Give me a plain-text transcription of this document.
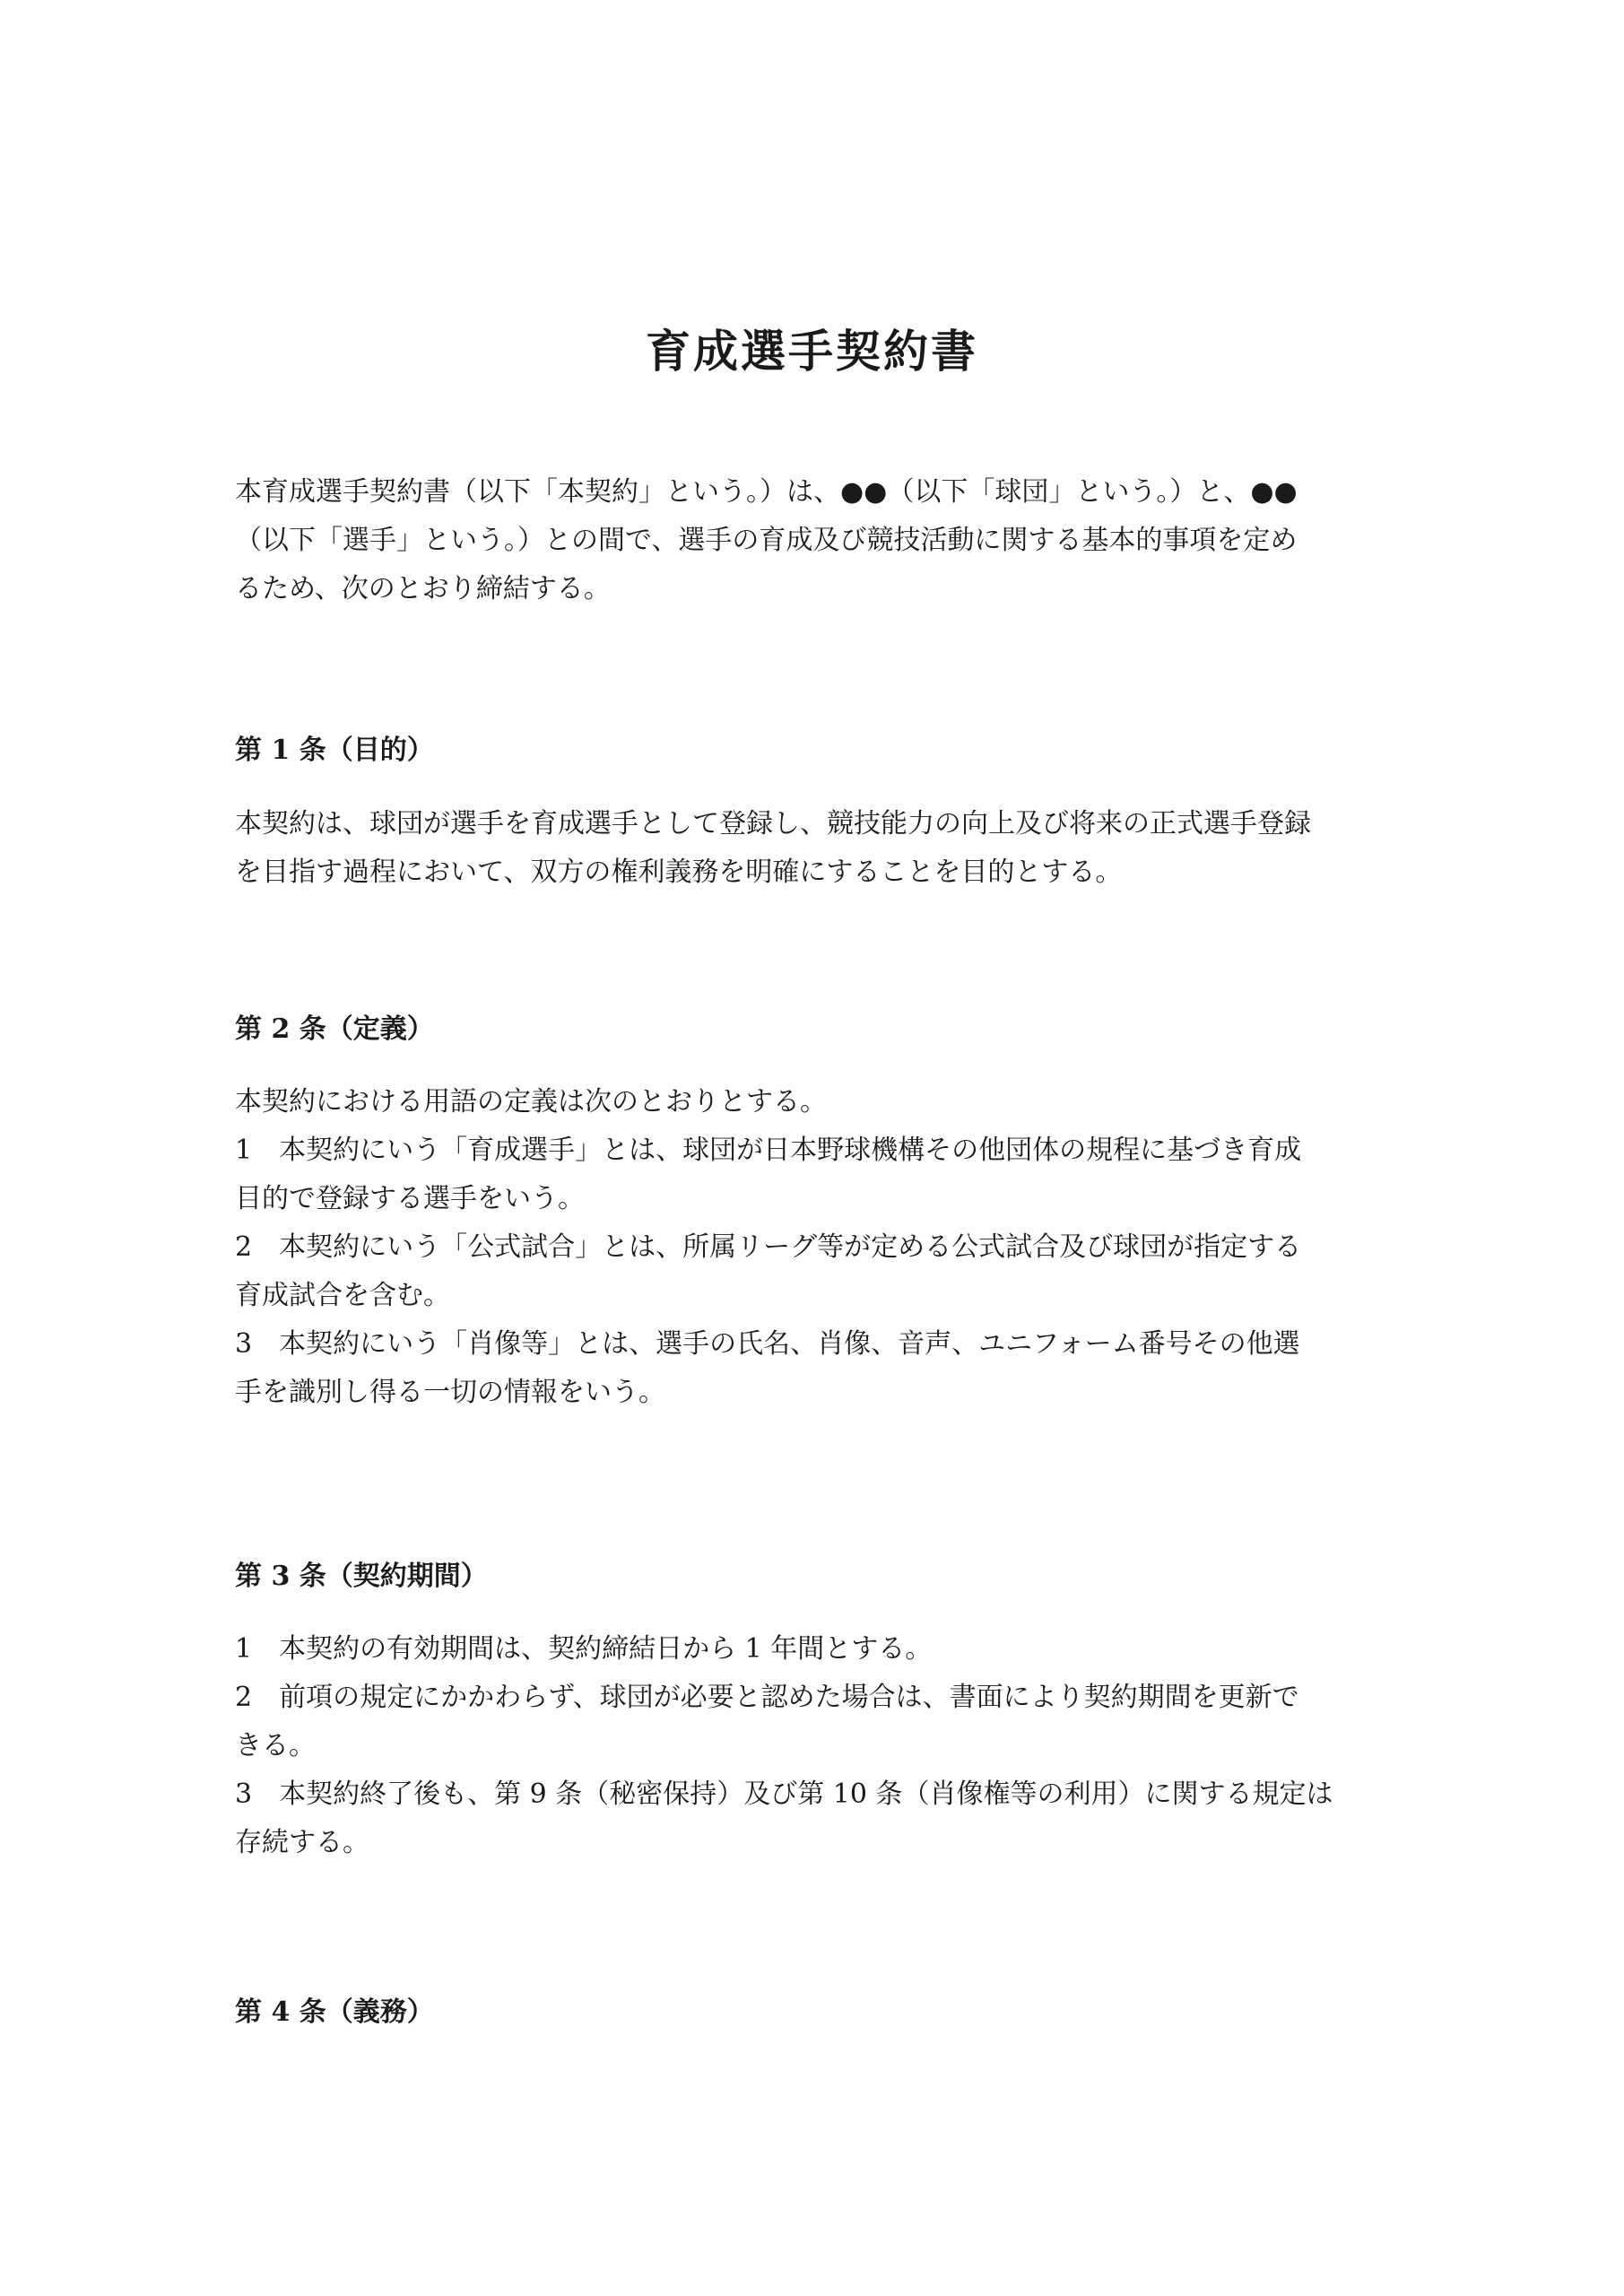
育成選手契約書

本育成選手契約書（以下「本契約」という。）は、●●（以下「球団」という。）と、●●

（以下「選手」という。）との間で、選手の育成及び競技活動に関する基本的事項を定め

るため、次のとおり締結する。

第 1 条（目的）

本契約は、球団が選手を育成選手として登録し、競技能力の向上及び将来の正式選手登録

を目指す過程において、双方の権利義務を明確にすることを目的とする。

第 2 条（定義）

本契約における用語の定義は次のとおりとする。

1　本契約にいう「育成選手」とは、球団が日本野球機構その他団体の規程に基づき育成

目的で登録する選手をいう。

2　本契約にいう「公式試合」とは、所属リーグ等が定める公式試合及び球団が指定する

育成試合を含む。

3　本契約にいう「肖像等」とは、選手の氏名、肖像、音声、ユニフォーム番号その他選

手を識別し得る一切の情報をいう。

第 3 条（契約期間）

1　本契約の有効期間は、契約締結日から 1 年間とする。

2　前項の規定にかかわらず、球団が必要と認めた場合は、書面により契約期間を更新で

きる。

3　本契約終了後も、第 9 条（秘密保持）及び第 10 条（肖像権等の利用）に関する規定は

存続する。

第 4 条（義務）
